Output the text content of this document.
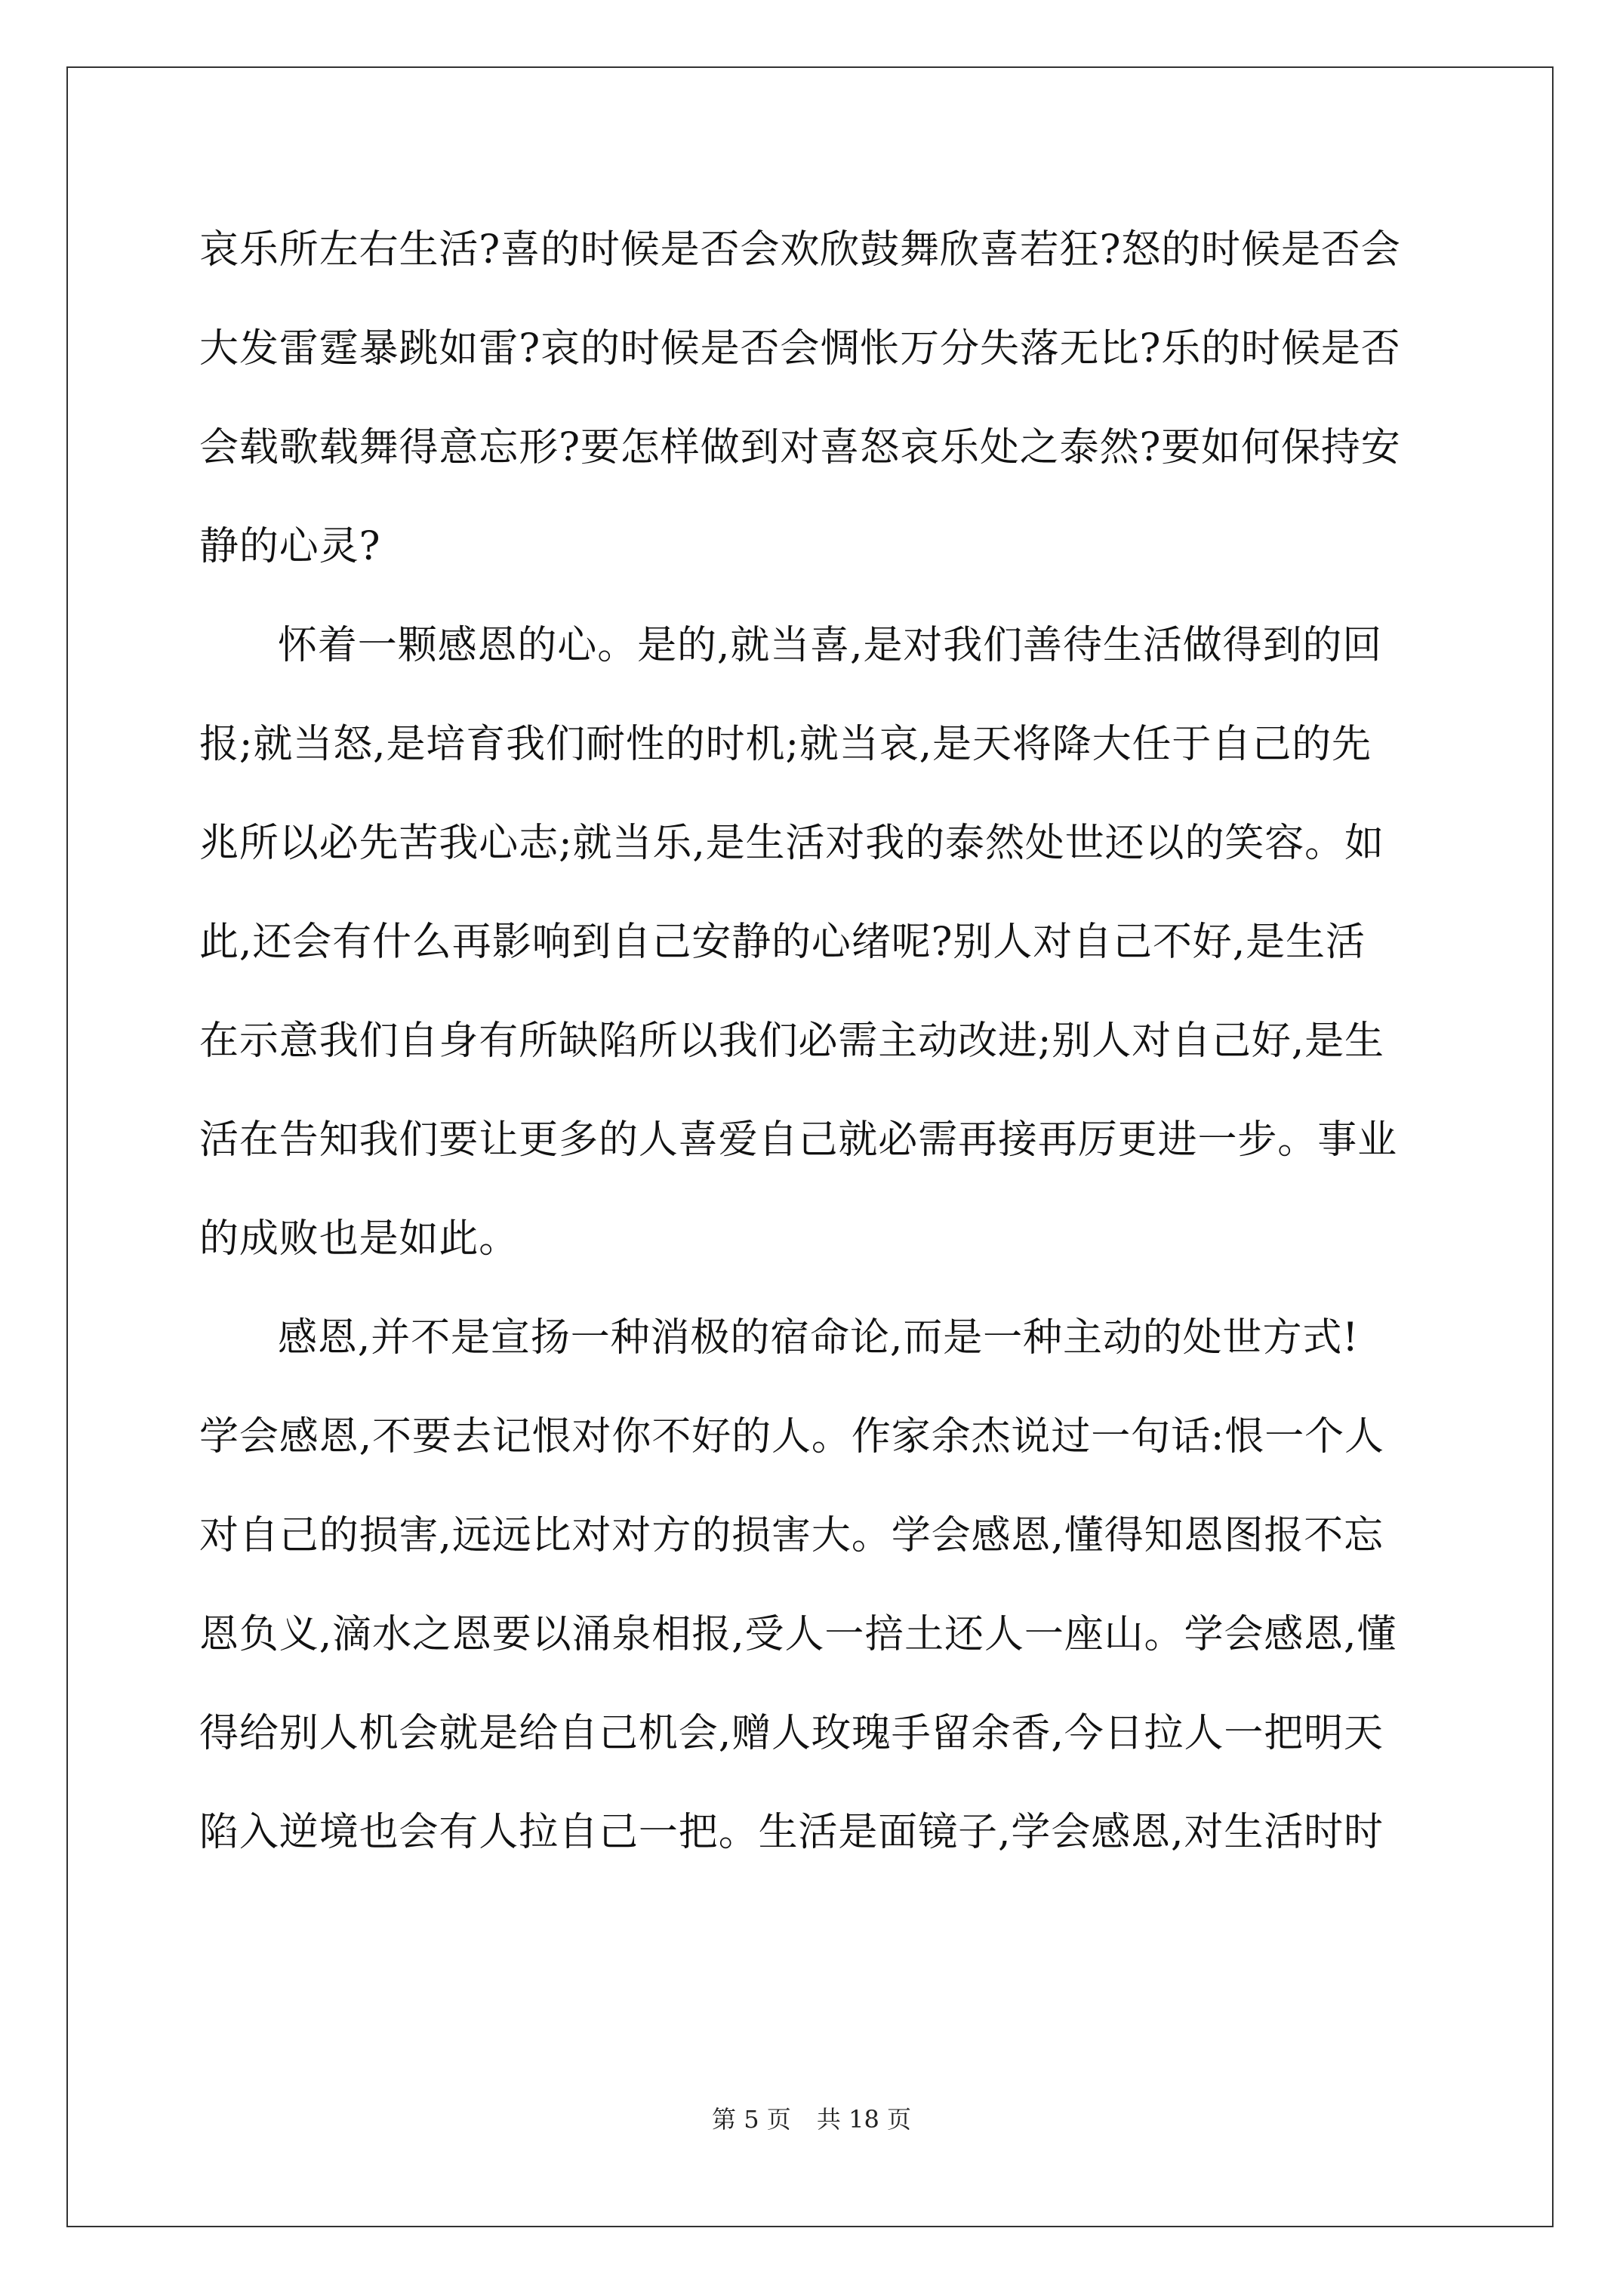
哀乐所左右生活?喜的时候是否会欢欣鼓舞欣喜若狂?怒的时候是否会
大发雷霆暴跳如雷?哀的时候是否会惆怅万分失落无比?乐的时候是否
会载歌载舞得意忘形?要怎样做到对喜怒哀乐处之泰然?要如何保持安
静的心灵?

怀着一颗感恩的心。是的,就当喜,是对我们善待生活做得到的回
报;就当怒,是培育我们耐性的时机;就当哀,是天将降大任于自己的先
兆所以必先苦我心志;就当乐,是生活对我的泰然处世还以的笑容。如
此,还会有什么再影响到自己安静的心绪呢?别人对自己不好,是生活
在示意我们自身有所缺陷所以我们必需主动改进;别人对自己好,是生
活在告知我们要让更多的人喜爱自己就必需再接再厉更进一步。事业
的成败也是如此。

感恩,并不是宣扬一种消极的宿命论,而是一种主动的处世方式!
学会感恩,不要去记恨对你不好的人。作家余杰说过一句话:恨一个人
对自己的损害,远远比对对方的损害大。学会感恩,懂得知恩图报不忘
恩负义,滴水之恩要以涌泉相报,受人一掊土还人一座山。学会感恩,懂
得给别人机会就是给自己机会,赠人玫瑰手留余香,今日拉人一把明天
陷入逆境也会有人拉自己一把。生活是面镜子,学会感恩,对生活时时

第 5 页 共 18 页
